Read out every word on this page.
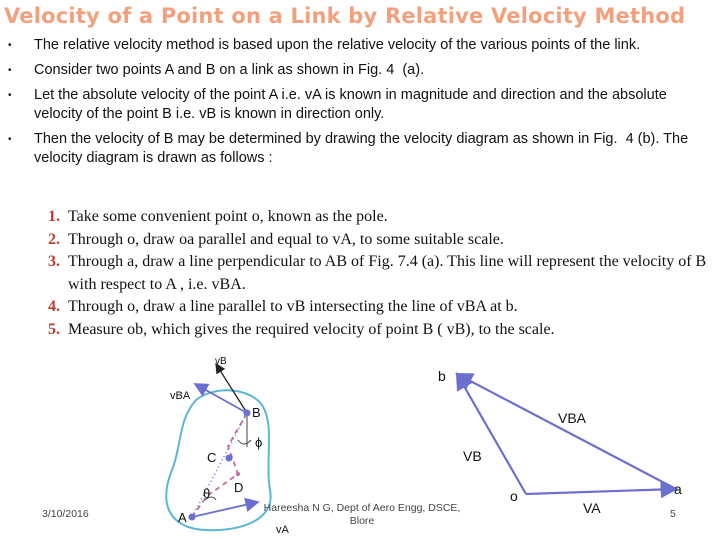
Velocity of a Point on a Link by Relative Velocity Method
• The relative velocity method is based upon the relative velocity of the various points of the link.
• Consider two points A and B on a link as shown in Fig. 4  (a).
• Let the absolute velocity of the point A i.e. vA is known in magnitude and direction and the absolute velocity of the point B i.e. vB is known in direction only.
• Then the velocity of B may be determined by drawing the velocity diagram as shown in Fig.  4 (b). The velocity diagram is drawn as follows :
1. Take some convenient point o, known as the pole.
2. Through o, draw oa parallel and equal to vA, to some suitable scale.
3. Through a, draw a line perpendicular to AB of Fig. 7.4 (a). This line will represent the velocity of B with respect to A , i.e. vBA.
4. Through o, draw a line parallel to vB intersecting the line of vBA at b.
5. Measure ob, which gives the required velocity of point B ( vB), to the scale.
vB
vBA
B
ϕ
C
D
θ
A
vA
b
VBA
VB
o
VA
a
3/10/2016	Hareesha N G, Dept of Aero Engg, DSCE, Blore
5
